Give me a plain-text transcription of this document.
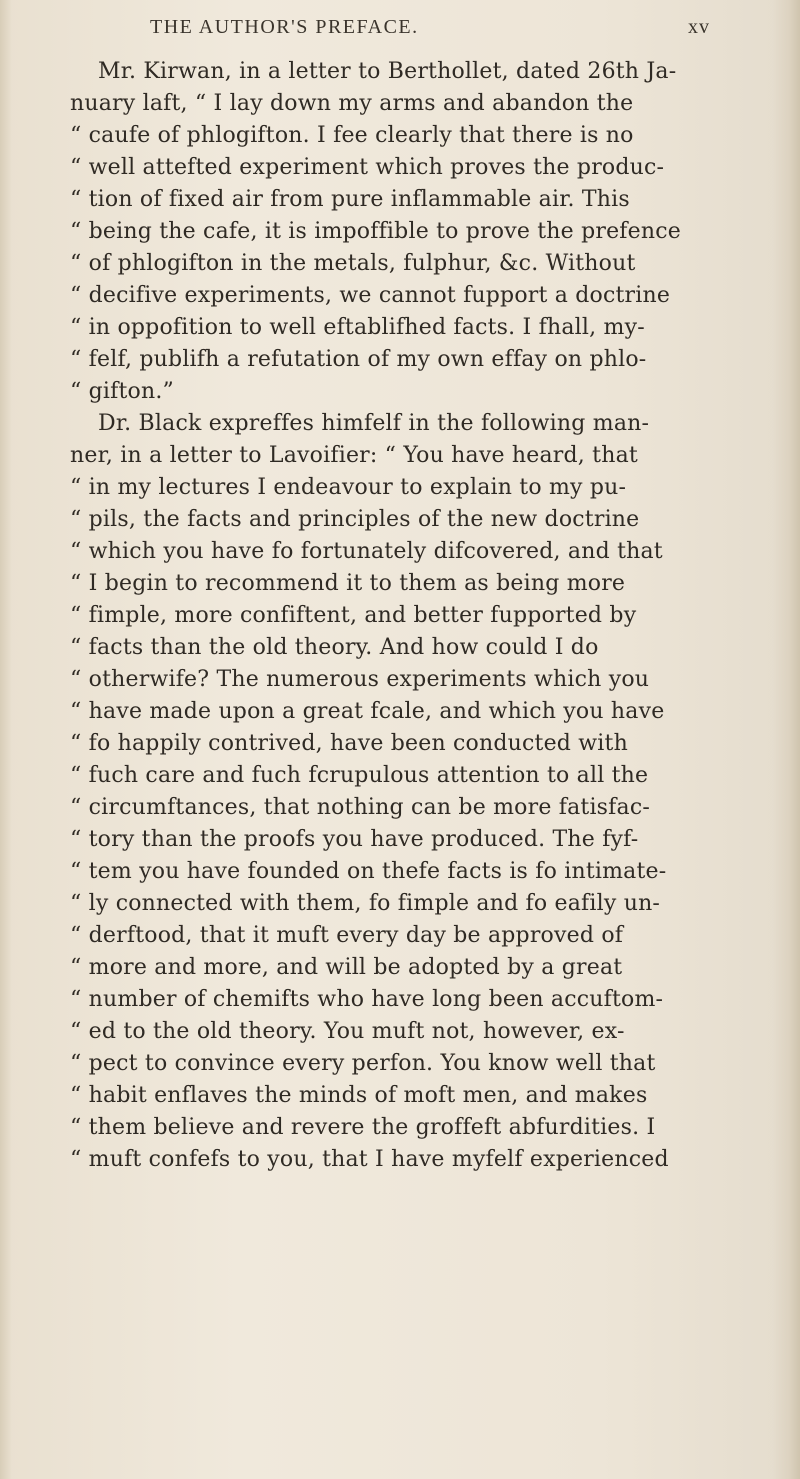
THE AUTHOR'S PREFACE.	xv
Mr. Kirwan, in a letter to Berthollet, dated 26th Ja-
nuary laft, “ I lay down my arms and abandon the
“ caufe of phlogifton. I fee clearly that there is no
“ well attefted experiment which proves the produc-
“ tion of fixed air from pure inflammable air. This
“ being the cafe, it is impoffible to prove the prefence
“ of phlogifton in the metals, fulphur, &c. Without
“ decifive experiments, we cannot fupport a doctrine
“ in oppofition to well eftablifhed facts. I fhall, my-
“ felf, publifh a refutation of my own effay on phlo-
“ gifton.”
Dr. Black expreffes himfelf in the following man-
ner, in a letter to Lavoifier: “ You have heard, that
“ in my lectures I endeavour to explain to my pu-
“ pils, the facts and principles of the new doctrine
“ which you have fo fortunately difcovered, and that
“ I begin to recommend it to them as being more
“ fimple, more confiftent, and better fupported by
“ facts than the old theory. And how could I do
“ otherwife? The numerous experiments which you
“ have made upon a great fcale, and which you have
“ fo happily contrived, have been conducted with
“ fuch care and fuch fcrupulous attention to all the
“ circumftances, that nothing can be more fatisfac-
“ tory than the proofs you have produced. The fyf-
“ tem you have founded on thefe facts is fo intimate-
“ ly connected with them, fo fimple and fo eafily un-
“ derftood, that it muft every day be approved of
“ more and more, and will be adopted by a great
“ number of chemifts who have long been accuftom-
“ ed to the old theory. You muft not, however, ex-
“ pect to convince every perfon. You know well that
“ habit enflaves the minds of moft men, and makes
“ them believe and revere the groffeft abfurdities. I
“ muft confefs to you, that I have myfelf experienced
